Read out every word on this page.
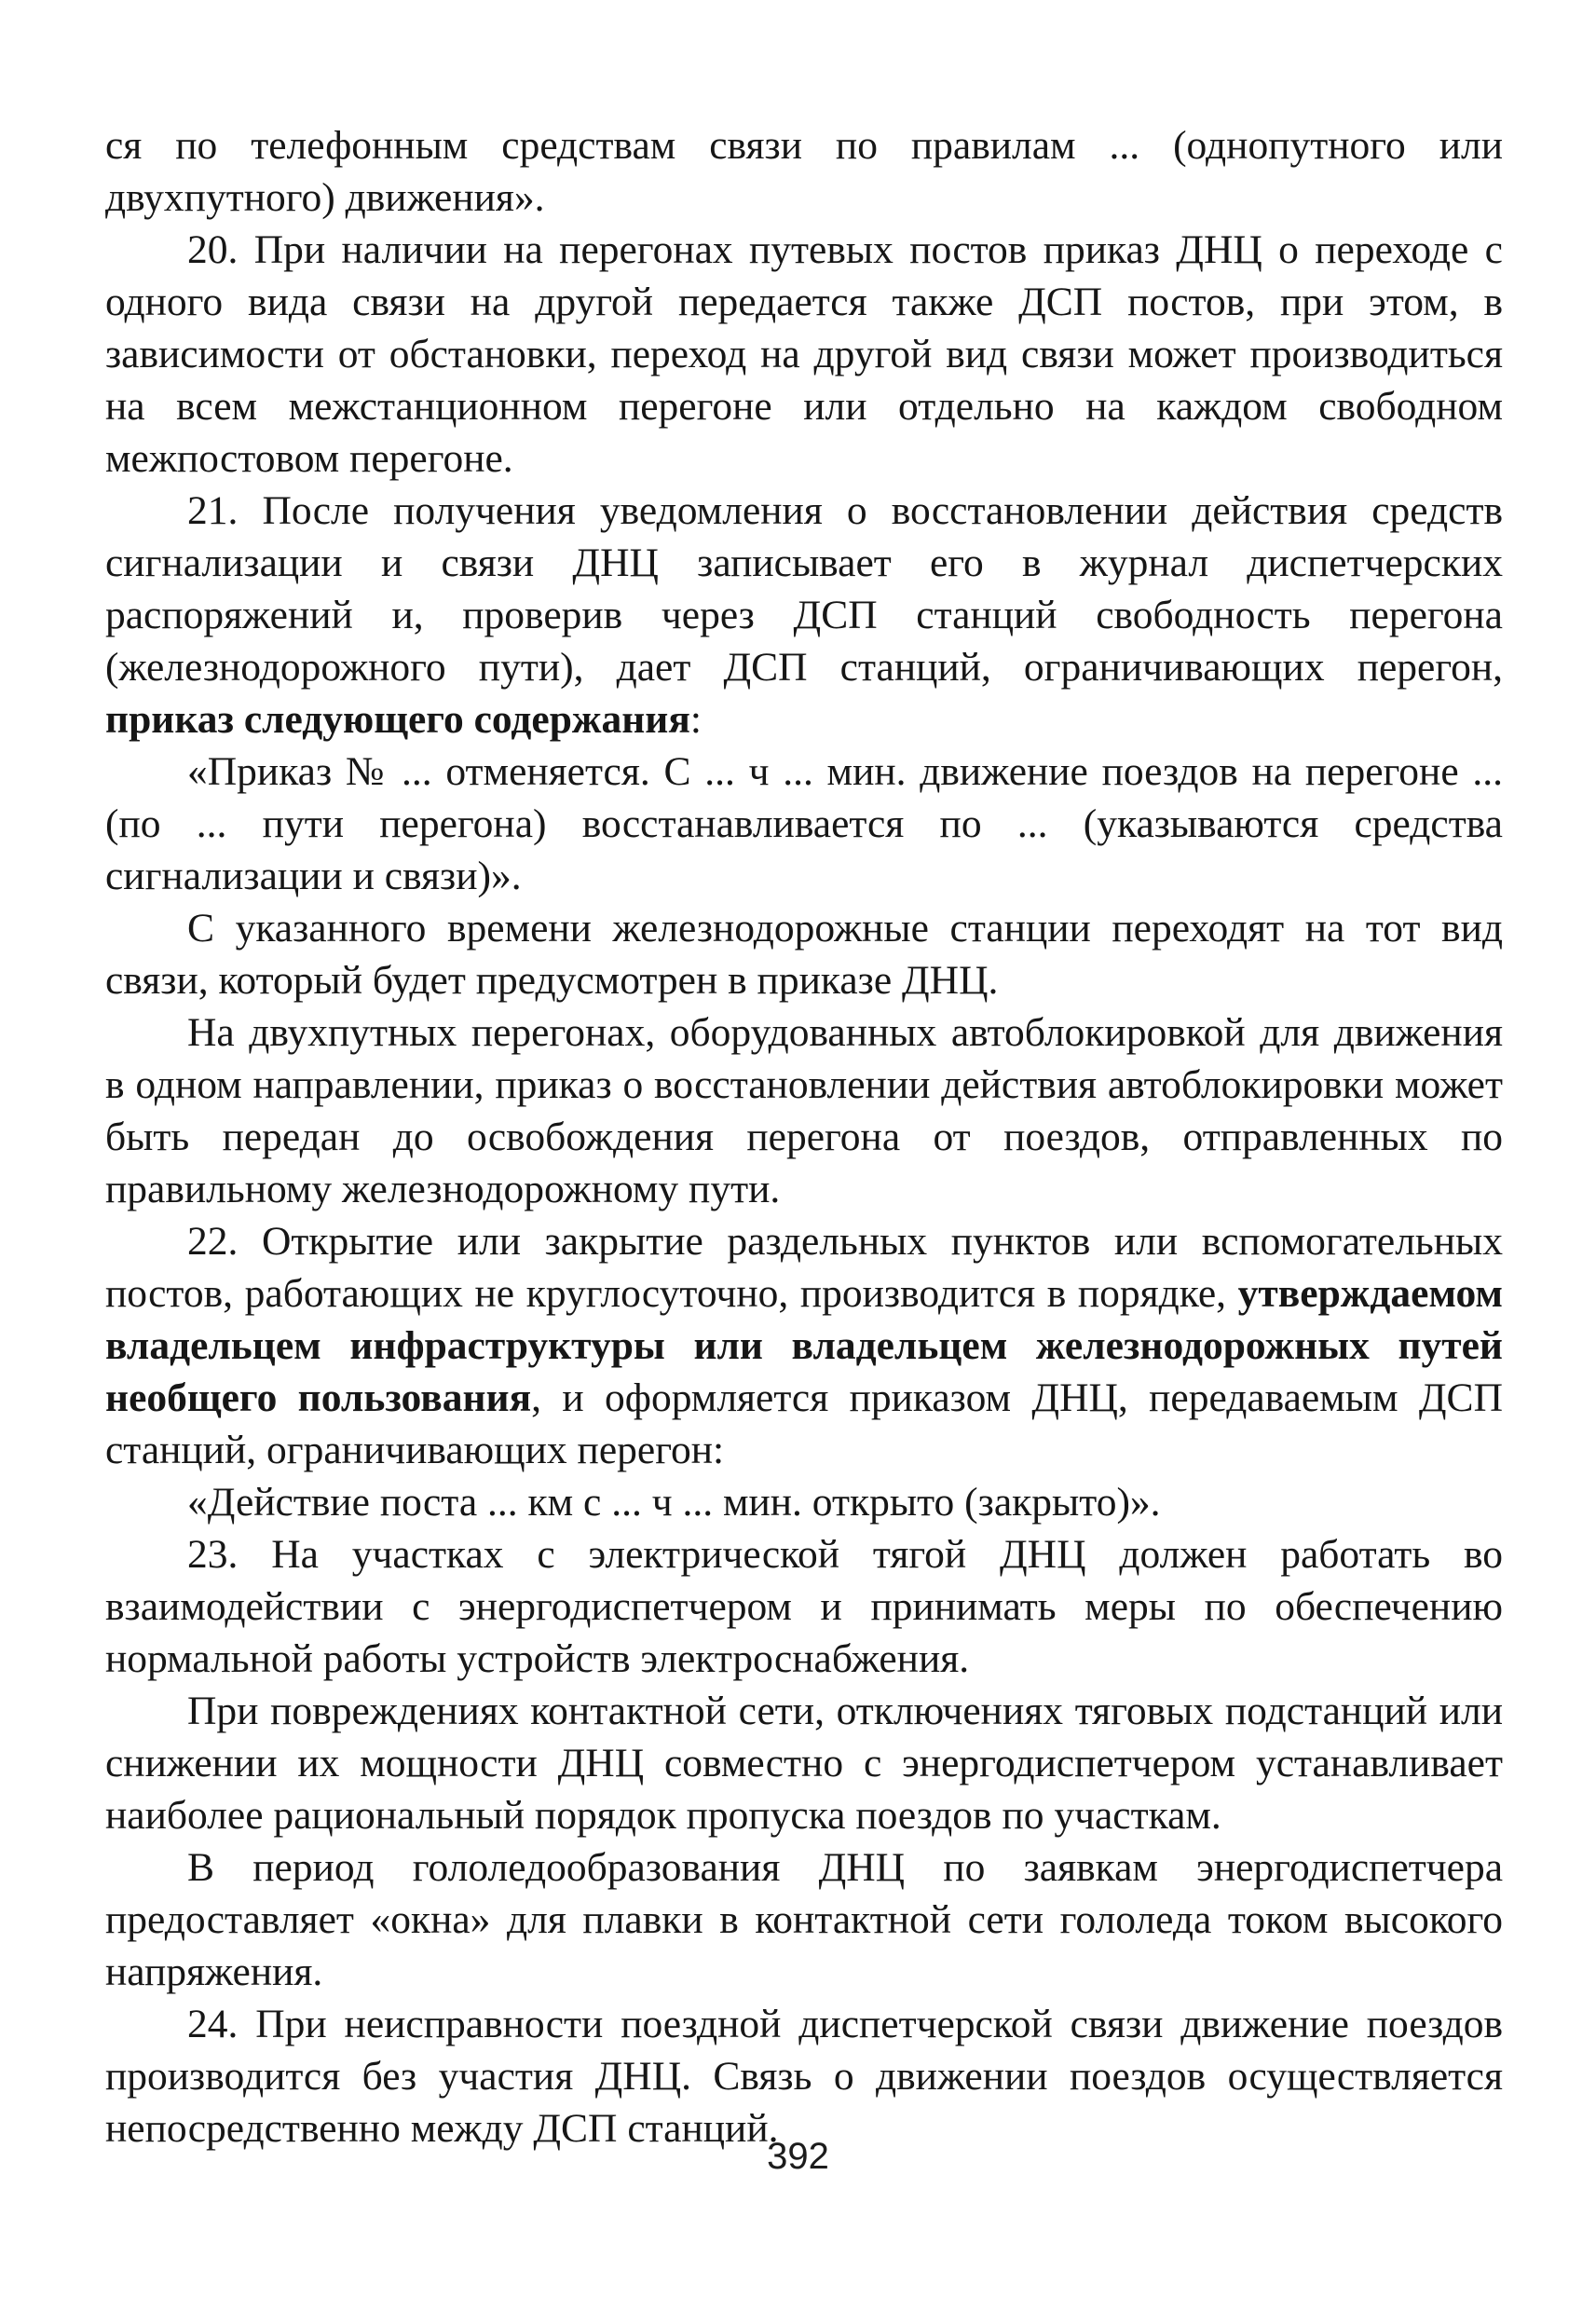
ся по телефонным средствам связи по правилам ... (однопутного или двухпутного) движения».

20. При наличии на перегонах путевых постов приказ ДНЦ о переходе с одного вида связи на другой передается также ДСП постов, при этом, в зависимости от обстановки, переход на другой вид связи может производиться на всем межстанционном перегоне или отдельно на каждом свободном межпостовом перегоне.

21. После получения уведомления о восстановлении действия средств сигнализации и связи ДНЦ записывает его в журнал диспетчерских распоряжений и, проверив через ДСП станций свободность перегона (железнодорожного пути), дает ДСП станций, ограничивающих перегон, приказ следующего содержания:

«Приказ № ... отменяется. С ... ч ... мин. движение поездов на перегоне ... (по ... пути перегона) восстанавливается по ... (указываются средства сигнализации и связи)».

С указанного времени железнодорожные станции переходят на тот вид связи, который будет предусмотрен в приказе ДНЦ.

На двухпутных перегонах, оборудованных автоблокировкой для движения в одном направлении, приказ о восстановлении действия автоблокировки может быть передан до освобождения перегона от поездов, отправленных по правильному железнодорожному пути.

22. Открытие или закрытие раздельных пунктов или вспомогательных постов, работающих не круглосуточно, производится в порядке, утверждаемом владельцем инфраструктуры или владельцем железнодорожных путей необщего пользования, и оформляется приказом ДНЦ, передаваемым ДСП станций, ограничивающих перегон:

«Действие поста ... км с ... ч ... мин. открыто (закрыто)».

23. На участках с электрической тягой ДНЦ должен работать во взаимодействии с энергодиспетчером и принимать меры по обеспечению нормальной работы устройств электроснабжения.

При повреждениях контактной сети, отключениях тяговых подстанций или снижении их мощности ДНЦ совместно с энергодиспетчером устанавливает наиболее рациональный порядок пропуска поездов по участкам.

В период гололедообразования ДНЦ по заявкам энергодиспетчера предоставляет «окна» для плавки в контактной сети гололеда током высокого напряжения.

24. При неисправности поездной диспетчерской связи движение поездов производится без участия ДНЦ. Связь о движении поездов осуществляется непосредственно между ДСП станций.

392
